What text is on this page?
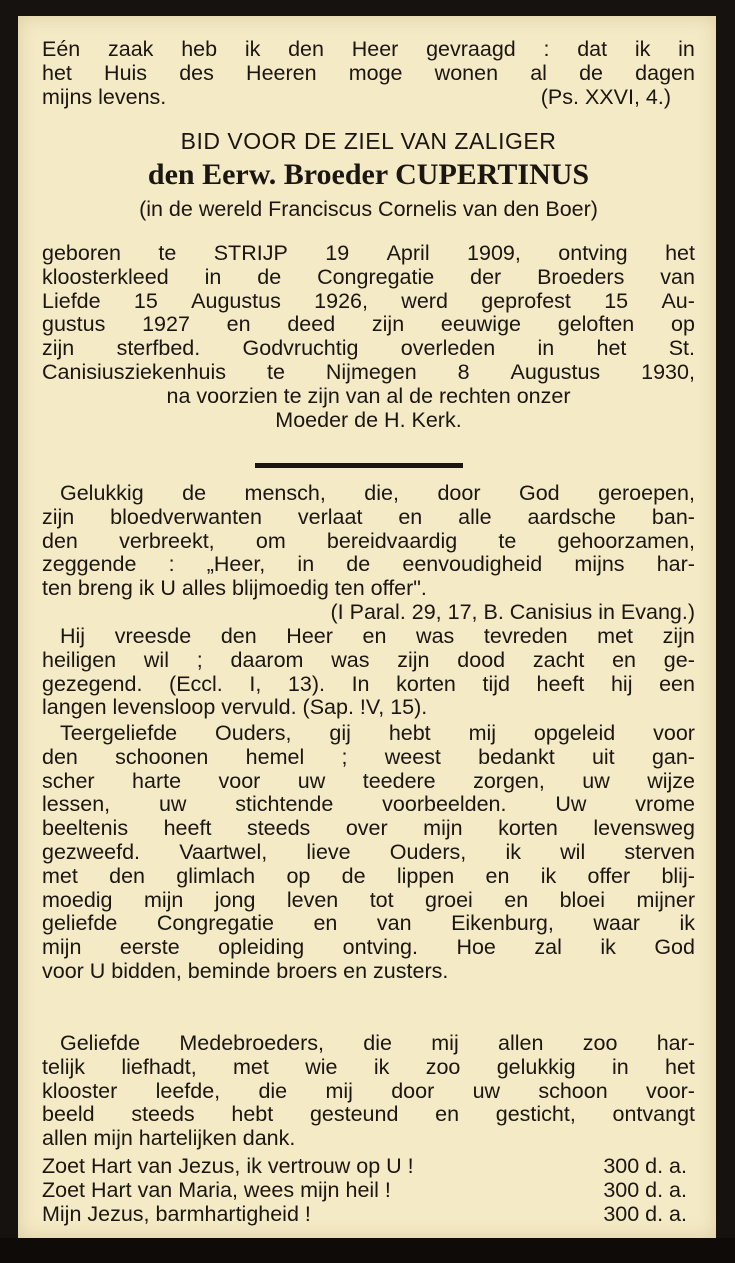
Eén zaak heb ik den Heer gevraagd : dat ik in
het Huis des Heeren moge wonen al de dagen
mijns levens.	(Ps. XXVI, 4.)
BID VOOR DE ZIEL VAN ZALIGER
den Eerw. Broeder CUPERTINUS
(in de wereld Franciscus Cornelis van den Boer)
geboren te STRIJP 19 April 1909, ontving het
kloosterkleed in de Congregatie der Broeders van
Liefde 15 Augustus 1926, werd geprofest 15 Au-
gustus 1927 en deed zijn eeuwige geloften op
zijn sterfbed. Godvruchtig overleden in het St.
Canisiusziekenhuis te Nijmegen 8 Augustus 1930,
na voorzien te zijn van al de rechten onzer
Moeder de H. Kerk.
Gelukkig de mensch, die, door God geroepen,
zijn bloedverwanten verlaat en alle aardsche ban-
den verbreekt, om bereidvaardig te gehoorzamen,
zeggende : „Heer, in de eenvoudigheid mijns har-
ten breng ik U alles blijmoedig ten offer".
(I Paral. 29, 17, B. Canisius in Evang.)
Hij vreesde den Heer en was tevreden met zijn
heiligen wil ; daarom was zijn dood zacht en ge-
gezegend. (Eccl. I, 13). In korten tijd heeft hij een
langen levensloop vervuld. (Sap. !V, 15).
Teergeliefde Ouders, gij hebt mij opgeleid voor
den schoonen hemel ; weest bedankt uit gan-
scher harte voor uw teedere zorgen, uw wijze
lessen, uw stichtende voorbeelden. Uw vrome
beeltenis heeft steeds over mijn korten levensweg
gezweefd. Vaartwel, lieve Ouders, ik wil sterven
met den glimlach op de lippen en ik offer blij-
moedig mijn jong leven tot groei en bloei mijner
geliefde Congregatie en van Eikenburg, waar ik
mijn eerste opleiding ontving. Hoe zal ik God
voor U bidden, beminde broers en zusters.
Geliefde Medebroeders, die mij allen zoo har-
telijk liefhadt, met wie ik zoo gelukkig in het
klooster leefde, die mij door uw schoon voor-
beeld steeds hebt gesteund en gesticht, ontvangt
allen mijn hartelijken dank.
Zoet Hart van Jezus, ik vertrouw op U !	300 d. a.
Zoet Hart van Maria, wees mijn heil !	300 d. a.
Mijn Jezus, barmhartigheid !	300 d. a.
